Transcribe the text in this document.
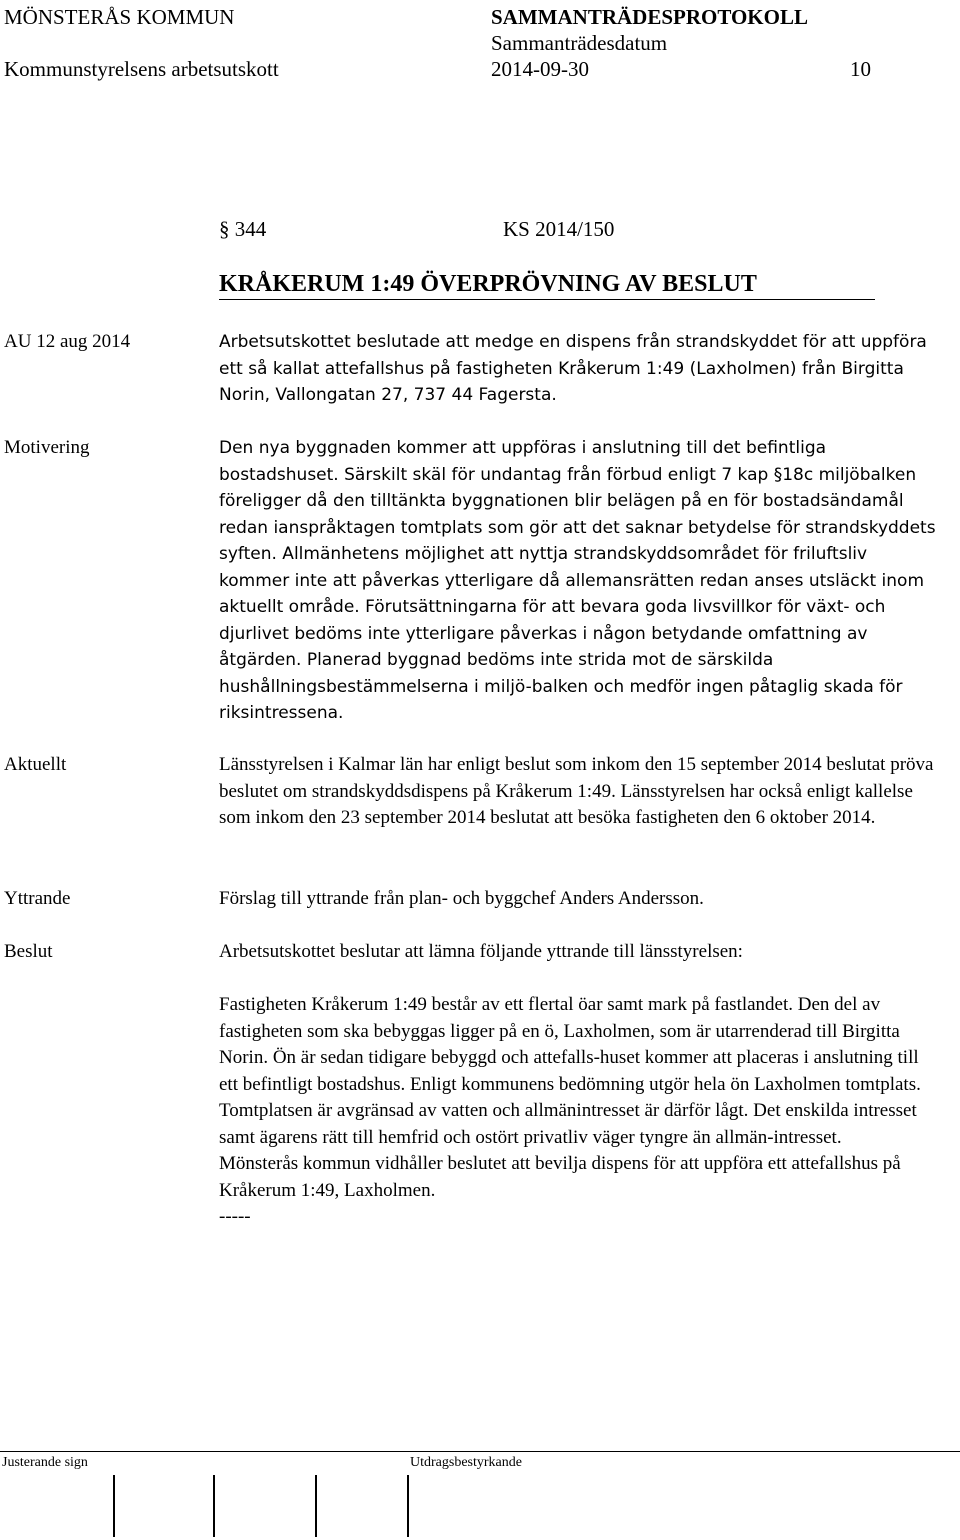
MÖNSTERÅS KOMMUN	SAMMANTRÄDESPROTOKOLL
Sammanträdesdatum
Kommunstyrelsens arbetsutskott	2014-09-30	10
§ 344	KS 2014/150
KRÅKERUM 1:49 ÖVERPRÖVNING AV BESLUT
AU 12 aug 2014	Arbetsutskottet beslutade att medge en dispens från strandskyddet för att uppföra ett så kallat attefallshus på fastigheten Kråkerum 1:49 (Laxholmen) från Birgitta Norin, Vallongatan 27, 737 44 Fagersta.

Motivering	Den nya byggnaden kommer att uppföras i anslutning till det befintliga bostadshuset. Särskilt skäl för undantag från förbud enligt 7 kap §18c miljöbalken föreligger då den tilltänkta byggnationen blir belägen på en för bostadsändamål redan ianspråktagen tomtplats som gör att det saknar betydelse för strandskyddets syften. Allmänhetens möjlighet att nyttja strandskyddsområdet för friluftsliv kommer inte att påverkas ytterligare då allemansrätten redan anses utsläckt inom aktuellt område. Förutsättningarna för att bevara goda livsvillkor för växt- och djurlivet bedöms inte ytterligare påverkas i någon betydande omfattning av åtgärden. Planerad byggnad bedöms inte strida mot de särskilda hushållningsbestämmelserna i miljö-balken och medför ingen påtaglig skada för riksintressena.

Aktuellt	Länsstyrelsen i Kalmar län har enligt beslut som inkom den 15 september 2014 beslutat pröva beslutet om strandskyddsdispens på Kråkerum 1:49. Länsstyrelsen har också enligt kallelse som inkom den 23 september 2014 beslutat att besöka fastigheten den 6 oktober 2014.

Yttrande	Förslag till yttrande från plan- och byggchef Anders Andersson.

Beslut	Arbetsutskottet beslutar att lämna följande yttrande till länsstyrelsen:

Fastigheten Kråkerum 1:49 består av ett flertal öar samt mark på fastlandet. Den del av fastigheten som ska bebyggas ligger på en ö, Laxholmen, som är utarrenderad till Birgitta Norin. Ön är sedan tidigare bebyggd och attefalls-huset kommer att placeras i anslutning till ett befintligt bostadshus. Enligt kommunens bedömning utgör hela ön Laxholmen tomtplats. Tomtplatsen är avgränsad av vatten och allmänintresset är därför lågt. Det enskilda intresset samt ägarens rätt till hemfrid och ostört privatliv väger tyngre än allmän-intresset.

Mönsterås kommun vidhåller beslutet att bevilja dispens för att uppföra ett attefallshus på Kråkerum 1:49, Laxholmen.

-----

Justerande sign	Utdragsbestyrkande
